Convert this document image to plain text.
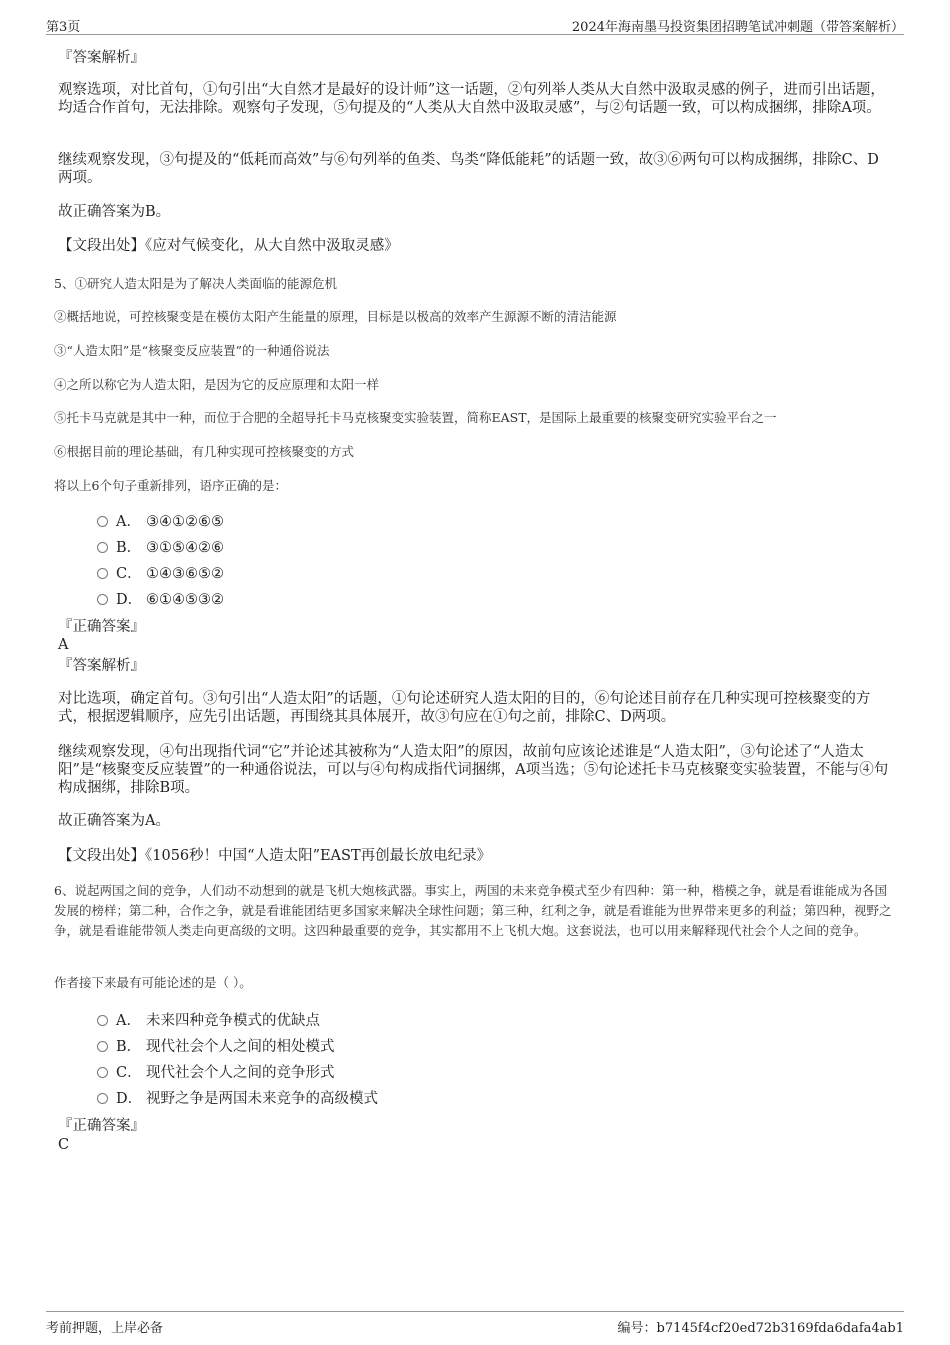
第3页	2024年海南墨马投资集团招聘笔试冲刺题（带答案解析）
『答案解析』
观察选项，对比首句，①句引出“大自然才是最好的设计师”这一话题，②句列举人类从大自然中汲取灵感的例子，进而引出话题，均适合作首句，无法排除。观察句子发现，⑤句提及的“人类从大自然中汲取灵感”，与②句话题一致，可以构成捆绑，排除A项。
继续观察发现，③句提及的“低耗而高效”与⑥句列举的鱼类、鸟类“降低能耗”的话题一致，故③⑥两句可以构成捆绑，排除C、D两项。
故正确答案为B。
【文段出处】《应对气候变化，从大自然中汲取灵感》
5、①研究人造太阳是为了解决人类面临的能源危机
②概括地说，可控核聚变是在模仿太阳产生能量的原理，目标是以极高的效率产生源源不断的清洁能源
③“人造太阳”是“核聚变反应装置”的一种通俗说法
④之所以称它为人造太阳，是因为它的反应原理和太阳一样
⑤托卡马克就是其中一种，而位于合肥的全超导托卡马克核聚变实验装置，简称EAST，是国际上最重要的核聚变研究实验平台之一
⑥根据目前的理论基础，有几种实现可控核聚变的方式
将以上6个句子重新排列，语序正确的是：
A． ③④①②⑥⑤
B． ③①⑤④②⑥
C． ①④③⑥⑤②
D． ⑥①④⑤③②
『正确答案』
A
『答案解析』
对比选项，确定首句。③句引出“人造太阳”的话题，①句论述研究人造太阳的目的，⑥句论述目前存在几种实现可控核聚变的方式，根据逻辑顺序，应先引出话题，再围绕其具体展开，故③句应在①句之前，排除C、D两项。
继续观察发现，④句出现指代词“它”并论述其被称为“人造太阳”的原因，故前句应该论述谁是“人造太阳”，③句论述了“人造太阳”是“核聚变反应装置”的一种通俗说法，可以与④句构成指代词捆绑，A项当选；⑤句论述托卡马克核聚变实验装置，不能与④句构成捆绑，排除B项。
故正确答案为A。
【文段出处】《1056秒！中国“人造太阳”EAST再创最长放电纪录》
6、说起两国之间的竞争，人们动不动想到的就是飞机大炮核武器。事实上，两国的未来竞争模式至少有四种：第一种，楷模之争，就是看谁能成为各国发展的榜样；第二种，合作之争，就是看谁能团结更多国家来解决全球性问题；第三种，红利之争，就是看谁能为世界带来更多的利益；第四种，视野之争，就是看谁能带领人类走向更高级的文明。这四种最重要的竞争，其实都用不上飞机大炮。这套说法，也可以用来解释现代社会个人之间的竞争。
作者接下来最有可能论述的是（ ）。
A． 未来四种竞争模式的优缺点
B． 现代社会个人之间的相处模式
C． 现代社会个人之间的竞争形式
D． 视野之争是两国未来竞争的高级模式
『正确答案』
C
考前押题，上岸必备	编号：b7145f4cf20ed72b3169fda6dafa4ab1
